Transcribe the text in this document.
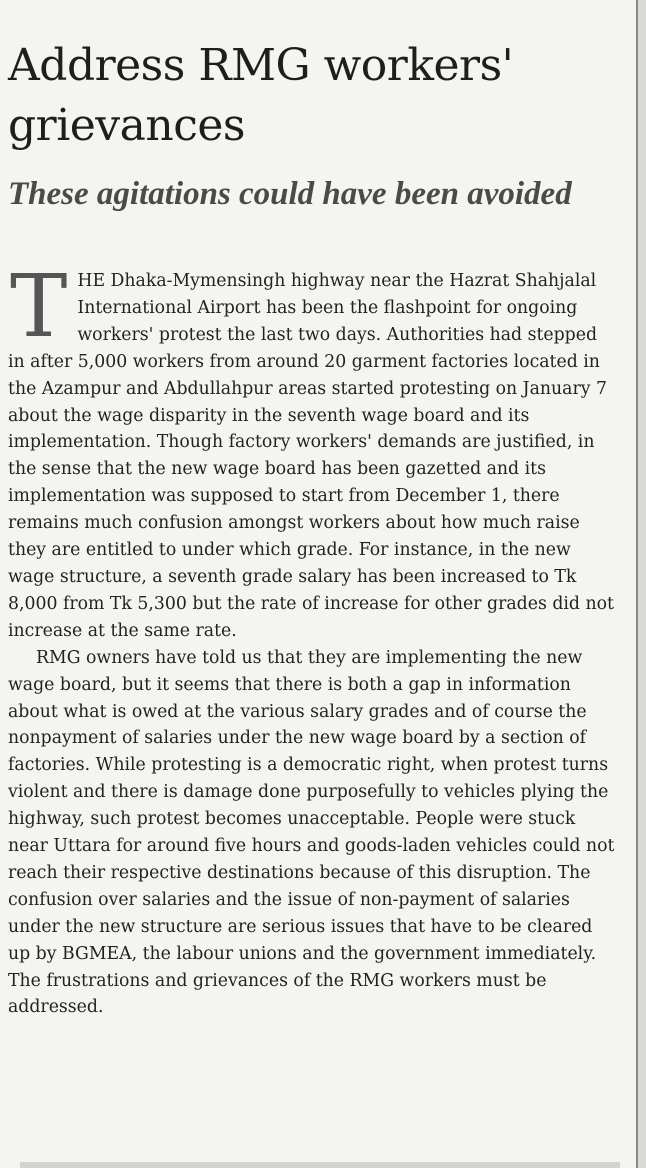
Address RMG workers' grievances
These agitations could have been avoided

THE Dhaka-Mymensingh highway near the Hazrat Shahjalal International Airport has been the flashpoint for ongoing workers' protest the last two days. Authorities had stepped in after 5,000 workers from around 20 garment factories located in the Azampur and Abdullahpur areas started protesting on January 7 about the wage disparity in the seventh wage board and its implementation. Though factory workers' demands are justified, in the sense that the new wage board has been gazetted and its implementation was supposed to start from December 1, there remains much confusion amongst workers about how much raise they are entitled to under which grade. For instance, in the new wage structure, a seventh grade salary has been increased to Tk 8,000 from Tk 5,300 but the rate of increase for other grades did not increase at the same rate.

RMG owners have told us that they are implementing the new wage board, but it seems that there is both a gap in information about what is owed at the various salary grades and of course the nonpayment of salaries under the new wage board by a section of factories. While protesting is a democratic right, when protest turns violent and there is damage done purposefully to vehicles plying the highway, such protest becomes unacceptable. People were stuck near Uttara for around five hours and goods-laden vehicles could not reach their respective destinations because of this disruption. The confusion over salaries and the issue of non-payment of salaries under the new structure are serious issues that have to be cleared up by BGMEA, the labour unions and the government immediately. The frustrations and grievances of the RMG workers must be addressed.
